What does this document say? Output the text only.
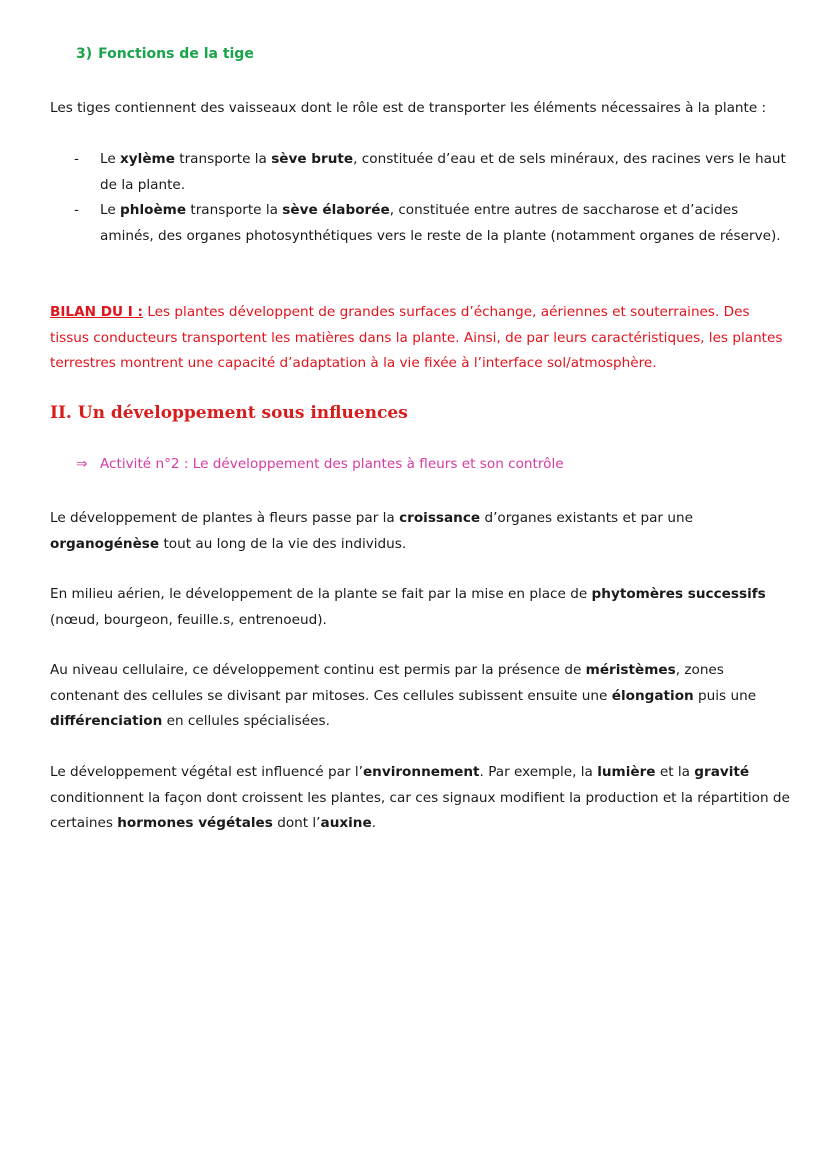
3) Fonctions de la tige

Les tiges contiennent des vaisseaux dont le rôle est de transporter les éléments nécessaires à la plante :

- Le xylème transporte la sève brute, constituée d’eau et de sels minéraux, des racines vers le haut de la plante.
- Le phloème transporte la sève élaborée, constituée entre autres de saccharose et d’acides aminés, des organes photosynthétiques vers le reste de la plante (notamment organes de réserve).

BILAN DU I : Les plantes développent de grandes surfaces d’échange, aériennes et souterraines. Des tissus conducteurs transportent les matières dans la plante. Ainsi, de par leurs caractéristiques, les plantes terrestres montrent une capacité d’adaptation à la vie fixée à l’interface sol/atmosphère.

II. Un développement sous influences

⇒ Activité n°2 : Le développement des plantes à fleurs et son contrôle

Le développement de plantes à fleurs passe par la croissance d’organes existants et par une organogénèse tout au long de la vie des individus.

En milieu aérien, le développement de la plante se fait par la mise en place de phytomères successifs (nœud, bourgeon, feuille.s, entrenoeud).

Au niveau cellulaire, ce développement continu est permis par la présence de méristèmes, zones contenant des cellules se divisant par mitoses. Ces cellules subissent ensuite une élongation puis une différenciation en cellules spécialisées.

Le développement végétal est influencé par l’environnement. Par exemple, la lumière et la gravité conditionnent la façon dont croissent les plantes, car ces signaux modifient la production et la répartition de certaines hormones végétales dont l’auxine.
